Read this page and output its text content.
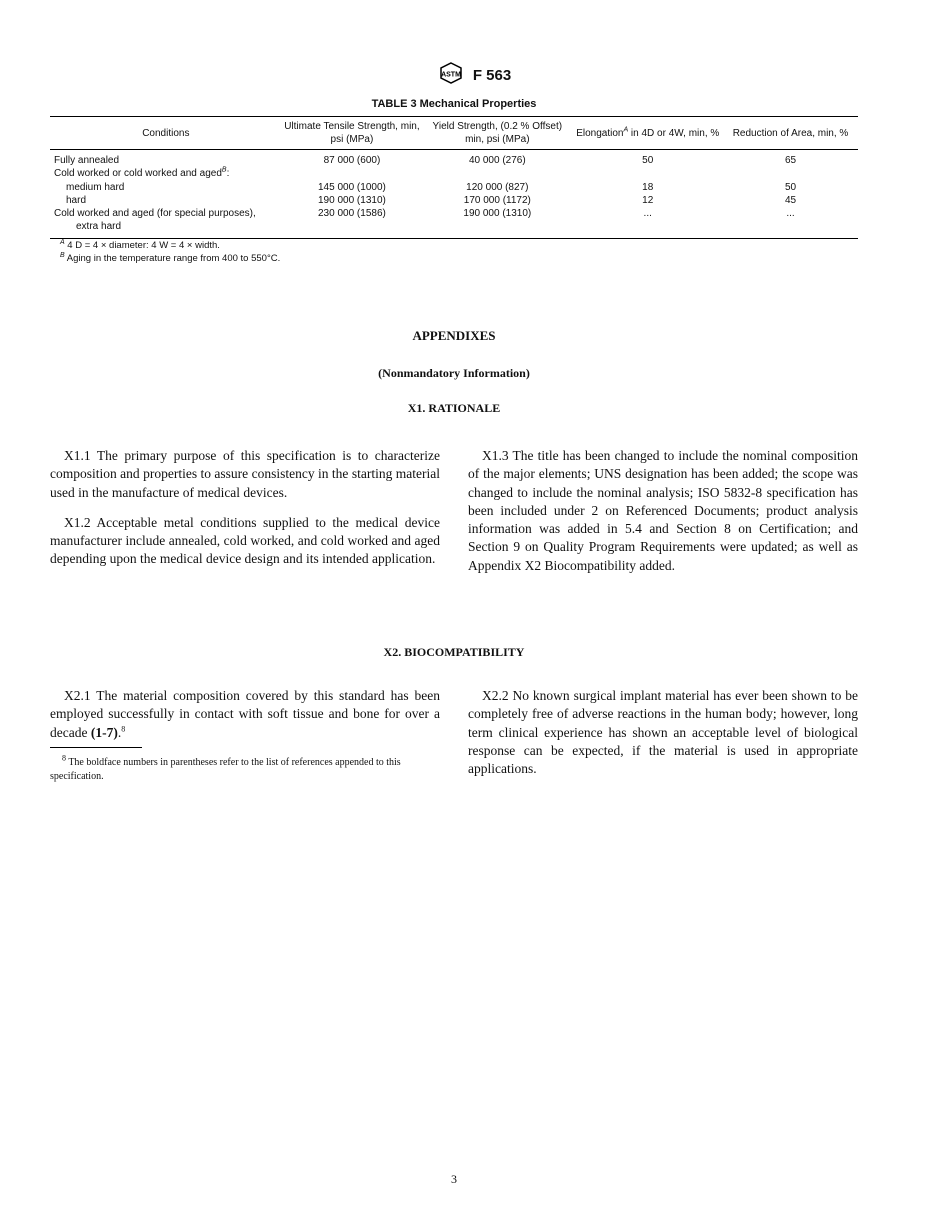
ASTM F 563
TABLE 3 Mechanical Properties
Conditions	Ultimate Tensile Strength, min, psi (MPa)	Yield Strength, (0.2 % Offset) min, psi (MPa)	Elongation$^A$ in 4D or 4W, min, %	Reduction of Area, min, %
Fully annealed	87 000 (600)	40 000 (276)	50	65
Cold worked or cold worked and aged$^B$:				
medium hard	145 000 (1000)	120 000 (827)	18	50
hard	190 000 (1310)	170 000 (1172)	12	45
Cold worked and aged (for special purposes),
extra hard	230 000 (1586)	190 000 (1310)	...	...
$^A$ 4 D = 4 × diameter: 4 W = 4 × width.
$^B$ Aging in the temperature range from 400 to 550°C.
APPENDIXES
(Nonmandatory Information)
X1. RATIONALE

X1.1 The primary purpose of this specification is to characterize composition and properties to assure consistency in the starting material used in the manufacture of medical devices.

X1.2 Acceptable metal conditions supplied to the medical device manufacturer include annealed, cold worked, and cold worked and aged depending upon the medical device design and its intended application.

X1.3 The title has been changed to include the nominal composition of the major elements; UNS designation has been added; the scope was changed to include the nominal analysis; ISO 5832-8 specification has been included under 2 on Referenced Documents; product analysis information was added in 5.4 and Section 8 on Certification; and Section 9 on Quality Program Requirements were updated; as well as Appendix X2 Biocompatibility added.

X2. BIOCOMPATIBILITY

X2.1 The material composition covered by this standard has been employed successfully in contact with soft tissue and bone for over a decade (1-7).$^8$

$^8$ The boldface numbers in parentheses refer to the list of references appended to this specification.

X2.2 No known surgical implant material has ever been shown to be completely free of adverse reactions in the human body; however, long term clinical experience has shown an acceptable level of biological response can be expected, if the material is used in appropriate applications.

3
